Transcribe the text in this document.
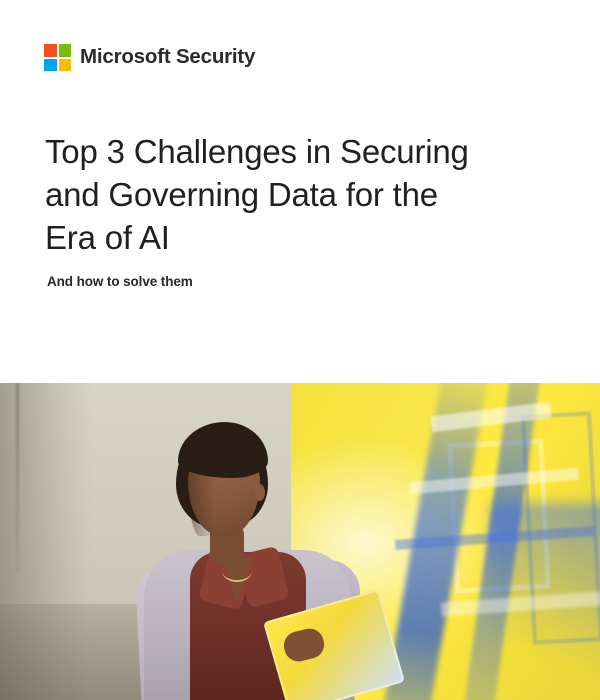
Microsoft Security
Top 3 Challenges in Securing and Governing Data for the Era of AI

And how to solve them
